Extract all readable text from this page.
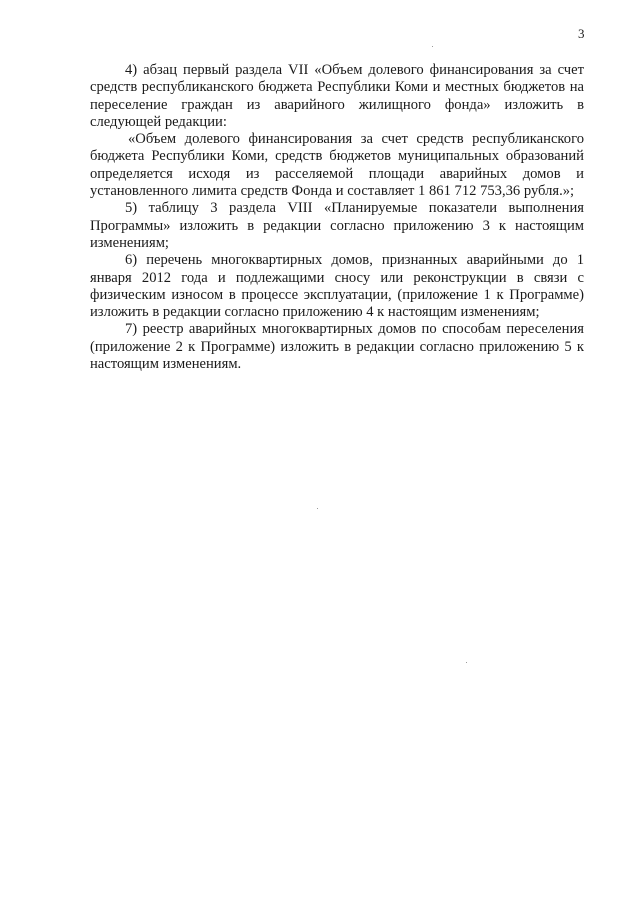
3

4) абзац первый раздела VII «Объем долевого финансирования за счет средств республиканского бюджета Республики Коми и местных бюджетов на переселение граждан из аварийного жилищного фонда» изложить в следующей редакции:

«Объем долевого финансирования за счет средств республиканского бюджета Республики Коми, средств бюджетов муниципальных образований определяется исходя из расселяемой площади аварийных домов и установленного лимита средств Фонда и составляет 1 861 712 753,36 рубля.»;

5) таблицу 3 раздела VIII «Планируемые показатели выполнения Программы» изложить в редакции согласно приложению 3 к настоящим изменениям;

6) перечень многоквартирных домов, признанных аварийными до 1 января 2012 года и подлежащими сносу или реконструкции в связи с физическим износом в процессе эксплуатации, (приложение 1 к Программе) изложить в редакции согласно приложению 4 к настоящим изменениям;

7) реестр аварийных многоквартирных домов по способам переселения (приложение 2 к Программе) изложить в редакции согласно приложению 5 к настоящим изменениям.
